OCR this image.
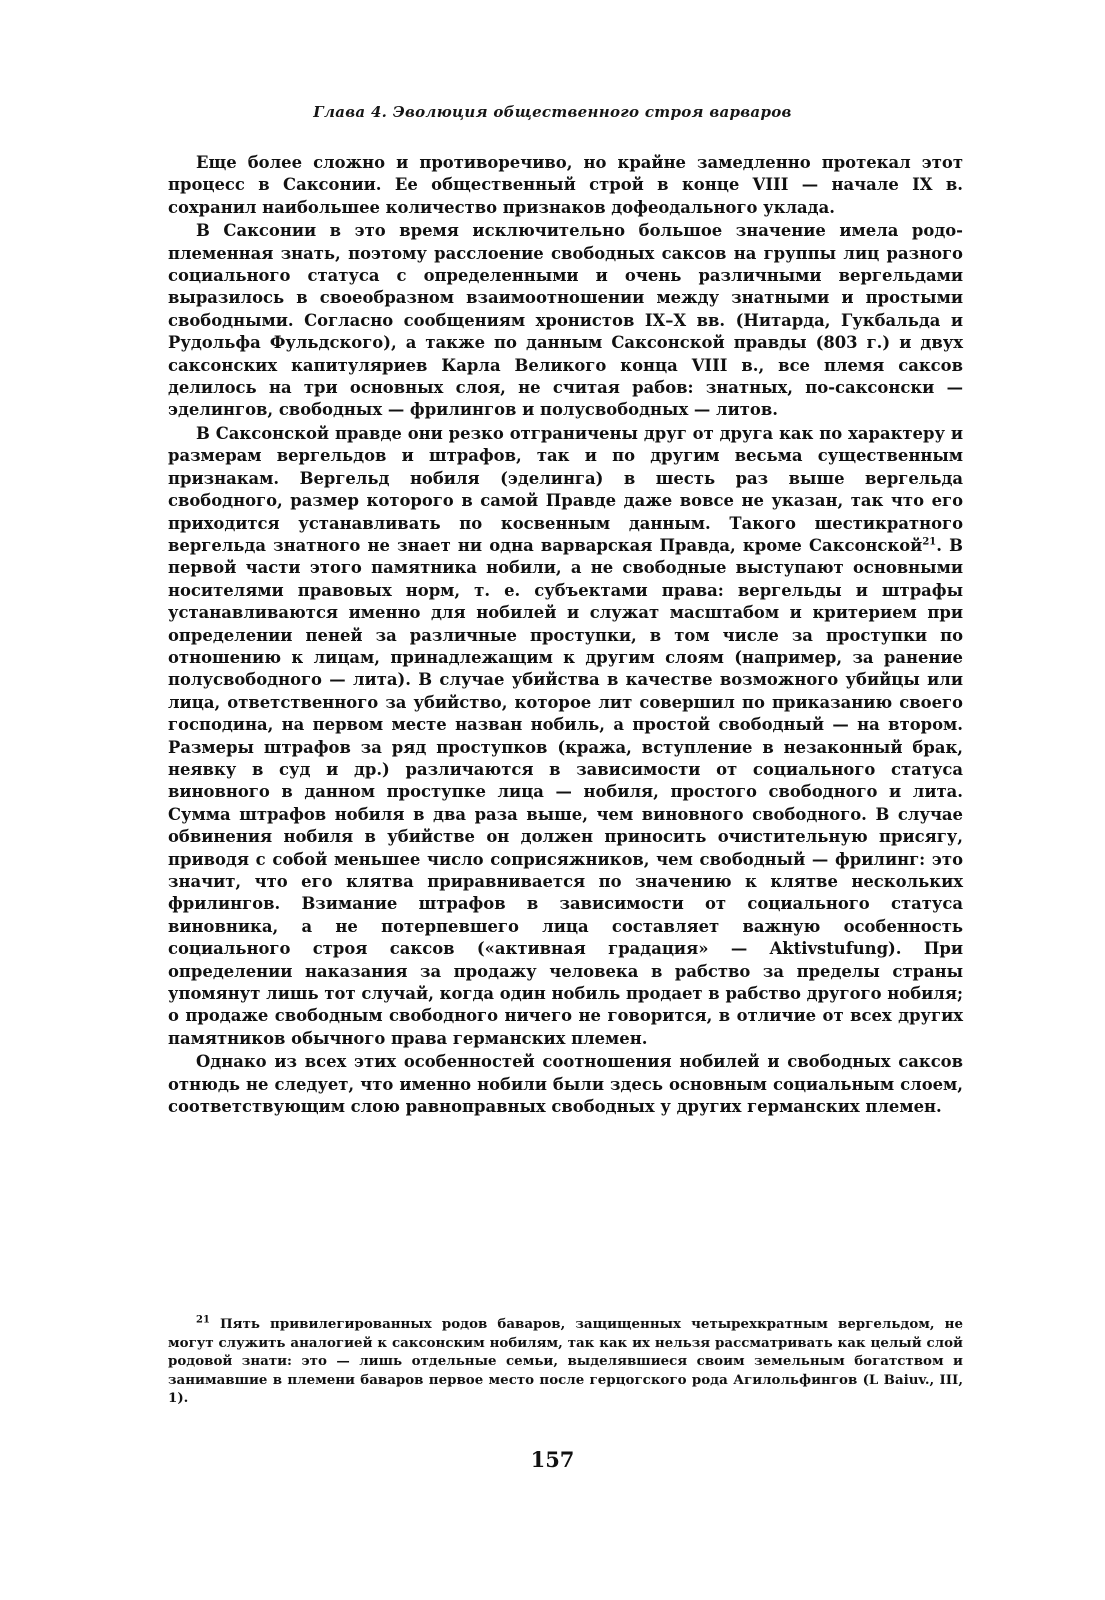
Глава 4. Эволюция общественного строя варваров

Еще более сложно и противоречиво, но крайне замедленно протекал этот процесс в Саксонии. Ее общественный строй в конце VIII — начале IX в. сохранил наибольшее количество признаков дофеодального уклада.

В Саксонии в это время исключительно большое значение имела родо-племенная знать, поэтому расслоение свободных саксов на группы лиц разного социального статуса с определенными и очень различными вергельдами выразилось в своеобразном взаимоотношении между знатными и простыми свободными. Согласно сообщениям хронистов IX–X вв. (Нитарда, Гукбальда и Рудольфа Фульдского), а также по данным Саксонской правды (803 г.) и двух саксонских капитуляриев Карла Великого конца VIII в., все племя саксов делилось на три основных слоя, не считая рабов: знатных, по-саксонски — эделингов, свободных — фрилингов и полусвободных — литов.

В Саксонской правде они резко отграничены друг от друга как по характеру и размерам вергельдов и штрафов, так и по другим весьма существенным признакам. Вергельд нобиля (эделинга) в шесть раз выше вергельда свободного, размер которого в самой Правде даже вовсе не указан, так что его приходится устанавливать по косвенным данным. Такого шестикратного вергельда знатного не знает ни одна варварская Правда, кроме Саксонской$^{21}$. В первой части этого памятника нобили, а не свободные выступают основными носителями правовых норм, т. е. субъектами права: вергельды и штрафы устанавливаются именно для нобилей и служат масштабом и критерием при определении пеней за различные проступки, в том числе за проступки по отношению к лицам, принадлежащим к другим слоям (например, за ранение полусвободного — лита). В случае убийства в качестве возможного убийцы или лица, ответственного за убийство, которое лит совершил по приказанию своего господина, на первом месте назван нобиль, а простой свободный — на втором. Размеры штрафов за ряд проступков (кража, вступление в незаконный брак, неявку в суд и др.) различаются в зависимости от социального статуса виновного в данном проступке лица — нобиля, простого свободного и лита. Сумма штрафов нобиля в два раза выше, чем виновного свободного. В случае обвинения нобиля в убийстве он должен приносить очистительную присягу, приводя с собой меньшее число соприсяжников, чем свободный — фрилинг: это значит, что его клятва приравнивается по значению к клятве нескольких фрилингов. Взимание штрафов в зависимости от социального статуса виновника, а не потерпевшего лица составляет важную особенность социального строя саксов («активная градация» — Aktivstufung). При определении наказания за продажу человека в рабство за пределы страны упомянут лишь тот случай, когда один нобиль продает в рабство другого нобиля; о продаже свободным свободного ничего не говорится, в отличие от всех других памятников обычного права германских племен.

Однако из всех этих особенностей соотношения нобилей и свободных саксов отнюдь не следует, что именно нобили были здесь основным социальным слоем, соответствующим слою равноправных свободных у других германских племен.

$^{21}$ Пять привилегированных родов баваров, защищенных четырехкратным вергельдом, не могут служить аналогией к саксонским нобилям, так как их нельзя рассматривать как целый слой родовой знати: это — лишь отдельные семьи, выделявшиеся своим земельным богатством и занимавшие в племени баваров первое место после герцогского рода Агилольфингов (L Baiuv., III, 1).
157
